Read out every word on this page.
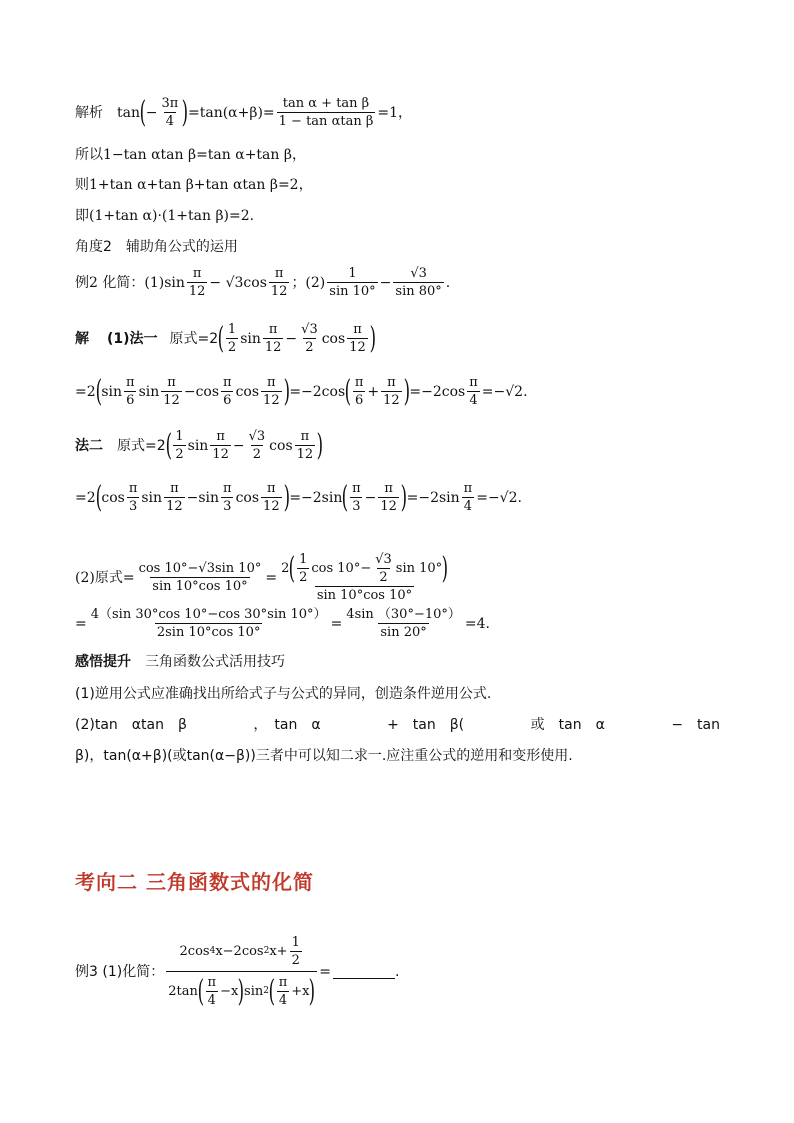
解析 tan ( − $\frac{3\pi}{4}$ ) $=\tan(\alpha+\beta)= \frac{\text{tan α + tan β}}{\text{1 − tan αtan β}} =1$，
所以1−tan αtan β=tan α+tan β，
则1+tan α+tan β+tan αtan β=2，
即(1+tan α)·(1+tan β)=2.
角度2　辅助角公式的运用
例2 化简：$(1)\sin \frac{\pi}{12} - √3\cos \frac{\pi}{12}$ ；$(2) \frac{1}{\sin 10^\circ} - \frac{√3}{\sin 80^\circ}$ .
解 (1)法一 原式=2 ( $\frac{1}{2}$ $\sin \frac{\pi}{12} - \frac{√3}{2}$ $\cos \frac{\pi}{12}$ )
=2 ( $\sin \frac{\pi}{6}$ $\sin \frac{\pi}{12} - \cos \frac{\pi}{6}$ $\cos \frac{\pi}{12}$ ) =−2cos ( $\frac{\pi}{6} + \frac{\pi}{12}$ ) $=-2\cos \frac{\pi}{4} =-√2$.
法二 原式=2 ( $\frac{1}{2}$ $\sin \frac{\pi}{12} - \frac{√3}{2}$ $\cos \frac{\pi}{12}$ )
=2 ( $\cos \frac{\pi}{3}$ $\sin \frac{\pi}{12} - \sin \frac{\pi}{3}$ $\cos \frac{\pi}{12}$ ) =−2sin ( $\frac{\pi}{3} - \frac{\pi}{12}$ ) $=-2\sin \frac{\pi}{4} =-√2$.
(2)原式= $\frac{\cos 10^\circ-√3\sin 10^\circ}{\sin 10^\circ\cos 10^\circ}$ =
2 ( $\frac{1}{2}$ $\cos 10^\circ- \frac{√3}{2}$ sin 10° )
sin 10°cos 10°
= $\frac{4(\sin 30^\circ\cos 10^\circ-\cos 30^\circ\sin 10^\circ)}{2\sin 10^\circ\cos 10^\circ} = \frac{4\sin (30^\circ-10^\circ)}{\sin 20^\circ} =4$.
感悟提升　三角函数公式活用技巧
(1)逆用公式应准确找出所给式子与公式的异同，创造条件逆用公式.
(2)tan　αtan　β	，　tan　α	+　tan　β(	或　tan　α	−　tan
β)，tan(α+β)(或tan(α−β))三者中可以知二求一.应注重公式的逆用和变形使用.
考向二 三角函数式的化简
例3 (1)化简：
2cos 4 x−2cos 2 $x+ \frac{1}{2}$
2tan ( $\frac{\pi}{4} -x$ ) sin 2 ( $\frac{\pi}{4} +x$ )
=	.
